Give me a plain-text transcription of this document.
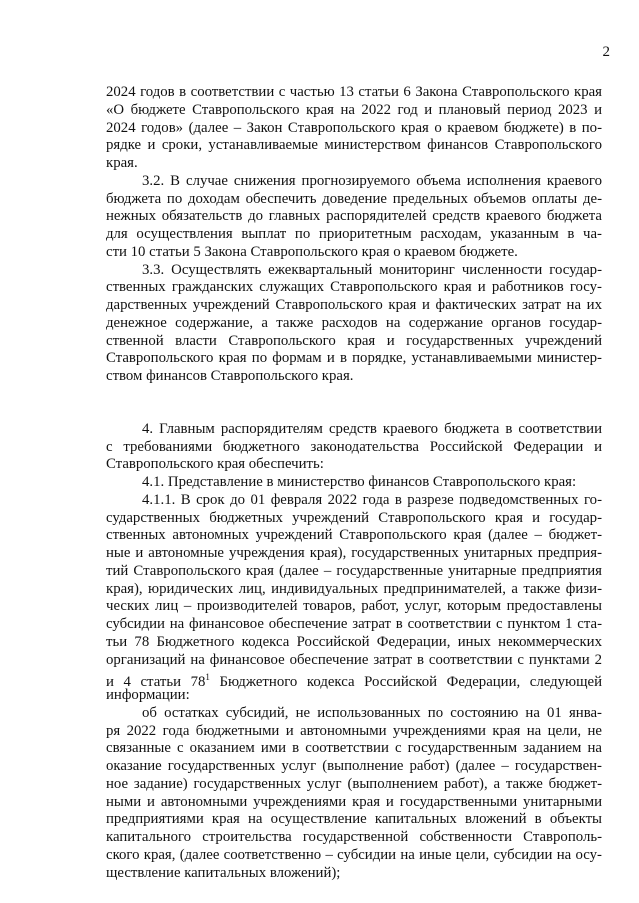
2
2024 годов в соответствии с частью 13 статьи 6 Закона Ставропольского края
«О бюджете Ставропольского края на 2022 год и плановый период 2023 и
2024 годов» (далее – Закон Ставропольского края о краевом бюджете) в по-
рядке и сроки, устанавливаемые министерством финансов Ставропольского
края.
3.2. В случае снижения прогнозируемого объема исполнения краевого
бюджета по доходам обеспечить доведение предельных объемов оплаты де-
нежных обязательств до главных распорядителей средств краевого бюджета
для осуществления выплат по приоритетным расходам, указанным в ча-
сти 10 статьи 5 Закона Ставропольского края о краевом бюджете.
3.3. Осуществлять ежеквартальный мониторинг численности государ-
ственных гражданских служащих Ставропольского края и работников госу-
дарственных учреждений Ставропольского края и фактических затрат на их
денежное содержание, а также расходов на содержание органов государ-
ственной власти Ставропольского края и государственных учреждений
Ставропольского края по формам и в порядке, устанавливаемыми министер-
ством финансов Ставропольского края.
4. Главным распорядителям средств краевого бюджета в соответствии
с требованиями бюджетного законодательства Российской Федерации и
Ставропольского края обеспечить:
4.1. Представление в министерство финансов Ставропольского края:
4.1.1. В срок до 01 февраля 2022 года в разрезе подведомственных го-
сударственных бюджетных учреждений Ставропольского края и государ-
ственных автономных учреждений Ставропольского края (далее – бюджет-
ные и автономные учреждения края), государственных унитарных предприя-
тий Ставропольского края (далее – государственные унитарные предприятия
края), юридических лиц, индивидуальных предпринимателей, а также физи-
ческих лиц – производителей товаров, работ, услуг, которым предоставлены
субсидии на финансовое обеспечение затрат в соответствии с пунктом 1 ста-
тьи 78 Бюджетного кодекса Российской Федерации, иных некоммерческих
организаций на финансовое обеспечение затрат в соответствии с пунктами 2
и 4 статьи 78$^1$ Бюджетного кодекса Российской Федерации, следующей
информации:
об остатках субсидий, не использованных по состоянию на 01 янва-
ря 2022 года бюджетными и автономными учреждениями края на цели, не
связанные с оказанием ими в соответствии с государственным заданием на
оказание государственных услуг (выполнение работ) (далее – государствен-
ное задание) государственных услуг (выполнением работ), а также бюджет-
ными и автономными учреждениями края и государственными унитарными
предприятиями края на осуществление капитальных вложений в объекты
капитального строительства государственной собственности Ставрополь-
ского края, (далее соответственно – субсидии на иные цели, субсидии на осу-
ществление капитальных вложений);
